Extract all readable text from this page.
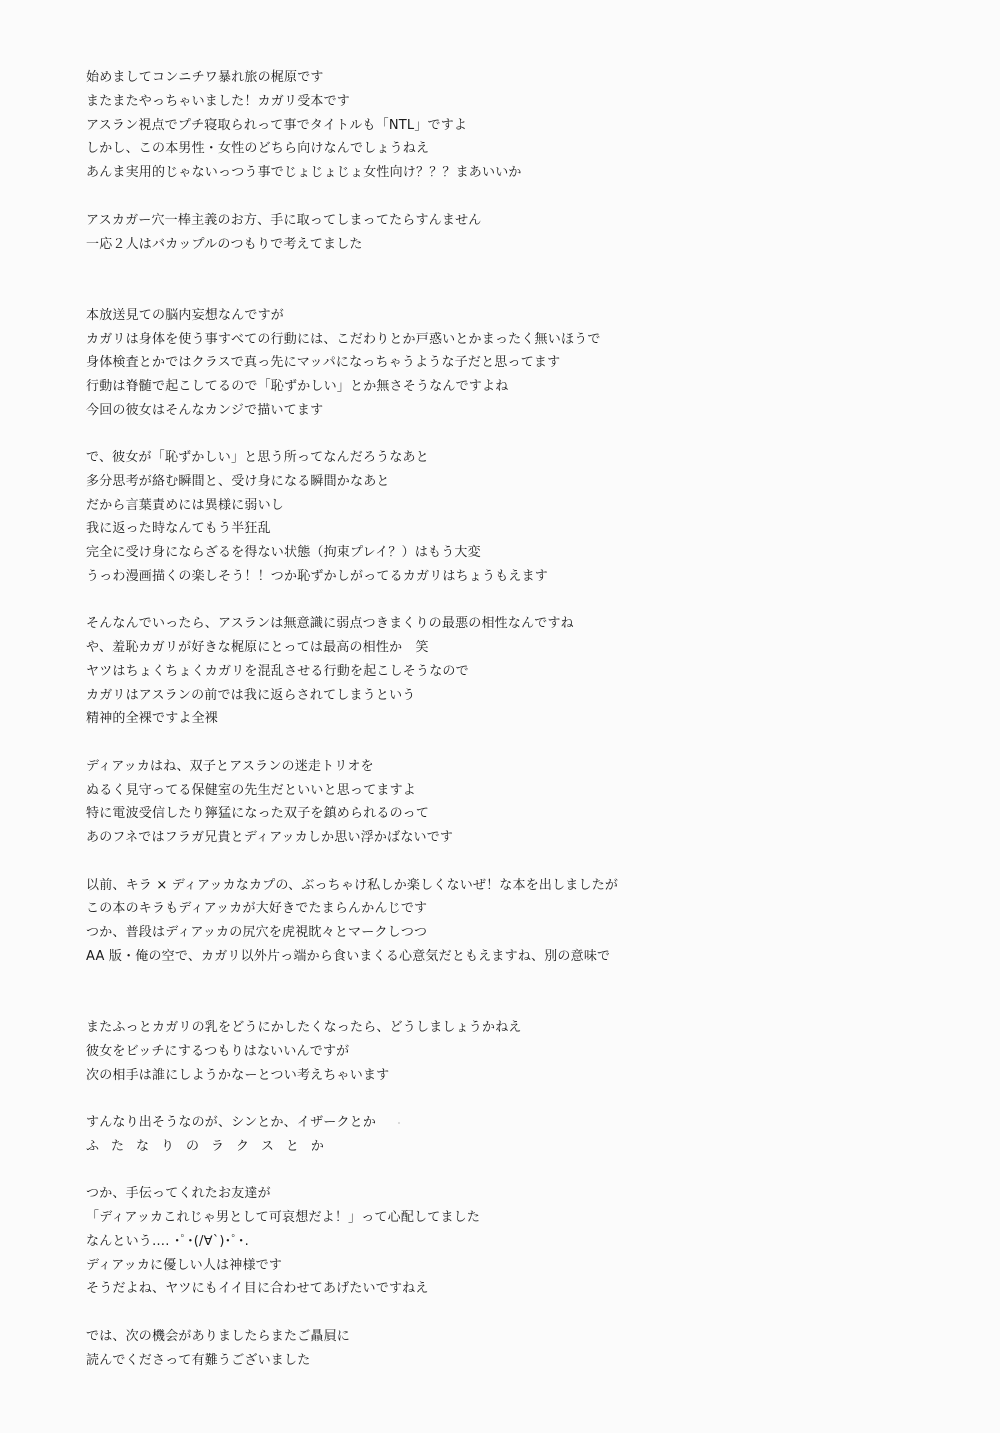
始めましてコンニチワ暴れ旅の梶原です
またまたやっちゃいました！カガリ受本です
アスラン視点でプチ寝取られって事でタイトルも「NTL」ですよ
しかし、この本男性・女性のどちら向けなんでしょうねえ
あんま実用的じゃないっつう事でじょじょじょ女性向け？？？まあいいか
アスカガー穴一棒主義のお方、手に取ってしまってたらすんません
一応２人はバカップルのつもりで考えてました
本放送見ての脳内妄想なんですが
カガリは身体を使う事すべての行動には、こだわりとか戸惑いとかまったく無いほうで
身体検査とかではクラスで真っ先にマッパになっちゃうような子だと思ってます
行動は脊髄で起こしてるので「恥ずかしい」とか無さそうなんですよね
今回の彼女はそんなカンジで描いてます
で、彼女が「恥ずかしい」と思う所ってなんだろうなあと
多分思考が絡む瞬間と、受け身になる瞬間かなあと
だから言葉責めには異様に弱いし
我に返った時なんてもう半狂乱
完全に受け身にならざるを得ない状態（拘束プレイ？）はもう大変
うっわ漫画描くの楽しそう！！つか恥ずかしがってるカガリはちょうもえます
そんなんでいったら、アスランは無意識に弱点つきまくりの最悪の相性なんですね
や、羞恥カガリが好きな梶原にとっては最高の相性か　笑
ヤツはちょくちょくカガリを混乱させる行動を起こしそうなので
カガリはアスランの前では我に返らされてしまうという
精神的全裸ですよ全裸
ディアッカはね、双子とアスランの迷走トリオを
ぬるく見守ってる保健室の先生だといいと思ってますよ
特に電波受信したり獰猛になった双子を鎮められるのって
あのフネではフラガ兄貴とディアッカしか思い浮かばないです
以前、キラ × ディアッカなカプの、ぶっちゃけ私しか楽しくないぜ！な本を出しましたが
この本のキラもディアッカが大好きでたまらんかんじです
つか、普段はディアッカの尻穴を虎視眈々とマークしつつ
AA 版・俺の空で、カガリ以外片っ端から食いまくる心意気だともえますね、別の意味で
またふっとカガリの乳をどうにかしたくなったら、どうしましょうかねえ
彼女をビッチにするつもりはないいんですが
次の相手は誰にしようかなーとつい考えちゃいます
すんなり出そうなのが、シンとか、イザークとか
ふたなりのラクスとか
つか、手伝ってくれたお友達が
「ディアッカこれじゃ男として可哀想だよ！」って心配してました
なんという…. ･ﾟ･(/∀`)･ﾟ･.
ディアッカに優しい人は神様です
そうだよね、ヤツにもイイ目に合わせてあげたいですねえ
では、次の機会がありましたらまたご贔屓に
読んでくださって有難うございました
